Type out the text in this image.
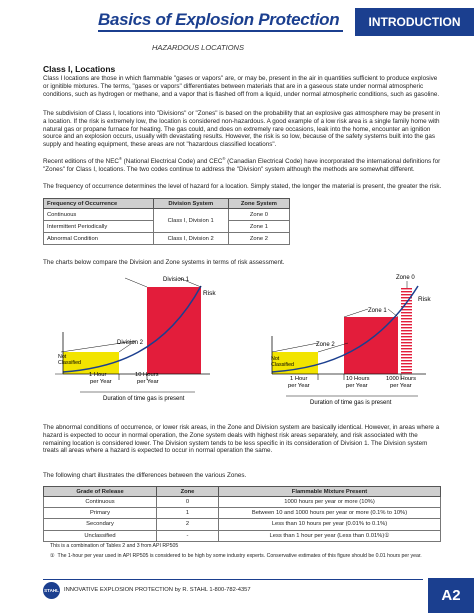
Basics of Explosion Protection	INTRODUCTION
HAZARDOUS LOCATIONS
Class I, Locations
Class I locations are those in which flammable "gases or vapors" are, or may be, present in the air in quantities sufficient to produce explosive or ignitible mixtures. The terms, "gases or vapors" differentiates between materials that are in a gaseous state under normal atmospheric conditions, such as hydrogen or methane, and a vapor that is flashed off from a liquid, under normal atmospheric conditions, such as gasoline.
The subdivision of Class I, locations into "Divisions" or "Zones" is based on the probability that an explosive gas atmosphere may be present in a location. If the risk is extremely low, the location is considered non-hazardous. A good example of a low risk area is a single family home with natural gas or propane furnace for heating. The gas could, and does on extremely rare occasions, leak into the home, encounter an ignition source and an explosion occurs, usually with devastating results. However, the risk is so low, because of the safety systems built into the gas supply and heating equipment, these areas are not "hazardous classified locations".
Recent editions of the NEC® (National Electrical Code) and CEC® (Canadian Electrical Code) have incorporated the international definitions for "Zones" for Class I, locations. The two codes continue to address the "Division" system although the methods are somewhat different.
The frequency of occurrence determines the level of hazard for a location. Simply stated, the longer the material is present, the greater the risk.
Frequency of Occurrence	Division System	Zone System
Continuous	Class I, Division 1	Zone 0
Intermittent Periodically		Zone 1
Abnormal Condition	Class I, Division 2	Zone 2
The charts below compare the Division and Zone systems in terms of risk assessment.
Division 1
Division 2
Risk
Not
Classified
1 Hour
per Year
10 Hours
per Year
Duration of time gas is present
Zone 0
Zone 1
Zone 2
Risk
Not
Classified
1 Hour
per Year
10 Hours
per Year
1000 Hours
per Year
Duration of time gas is present
The abnormal conditions of occurrence, or lower risk areas, in the Zone and Division system are basically identical. However, in areas where a hazard is expected to occur in normal operation, the Zone system deals with highest risk areas separately, and risk associated with the remaining location is considered lower. The Division system tends to be less specific in its consideration of Division 1. The Division system treats all areas where a hazard is expected to occur in normal operation the same.
The following chart illustrates the differences between the various Zones.
Grade of Release	Zone	Flammable Mixture Present
Continuous	0	1000 hours per year or more (10%)
Primary	1	Between 10 and 1000 hours per year or more (0.1% to 10%)
Secondary	2	Less than 10 hours per year (0.01% to 0.1%)
Unclassified	-	Less than 1 hour per year (Less than 0.01%)①
This is a combination of Tables 2 and 3 from API RP505
① The 1-hour per year used in API RP505 is considered to be high by some industry experts. Conservative estimates of this figure should be 0.01 hours per year.
STAHL INNOVATIVE EXPLOSION PROTECTION by R. STAHL 1-800-782-4357	A2
